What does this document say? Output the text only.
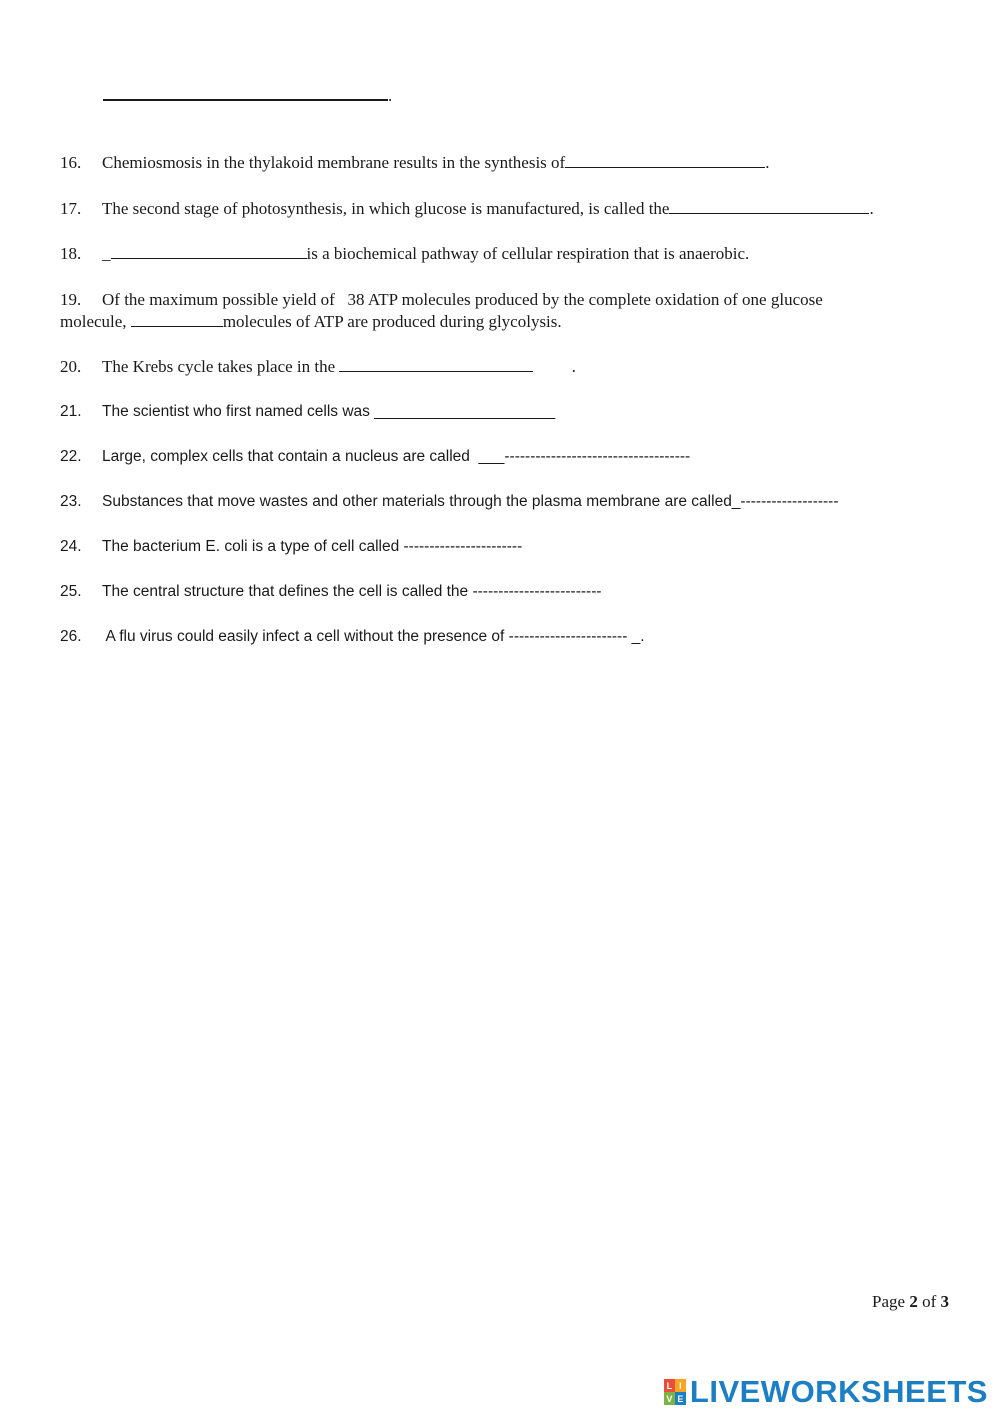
.
16. Chemiosmosis in the thylakoid membrane results in the synthesis of	.
17. The second stage of photosynthesis, in which glucose is manufactured, is called the	.
18. _	is a biochemical pathway of cellular respiration that is anaerobic.
19. Of the maximum possible yield of   38 ATP molecules produced by the complete oxidation of one glucose
molecule,	molecules of ATP are produced during glycolysis.
20. The Krebs cycle takes place in the	.
21. The scientist who first named cells was _____________________
22. Large, complex cells that contain a nucleus are called  ___------------------------------------
23. Substances that move wastes and other materials through the plasma membrane are called_-------------------
24. The bacterium E. coli is a type of cell called -----------------------
25. The central structure that defines the cell is called the -------------------------
26. A flu virus could easily infect a cell without the presence of ----------------------- _.
Page 2 of 3
L I
V E LIVEWORKSHEETS
